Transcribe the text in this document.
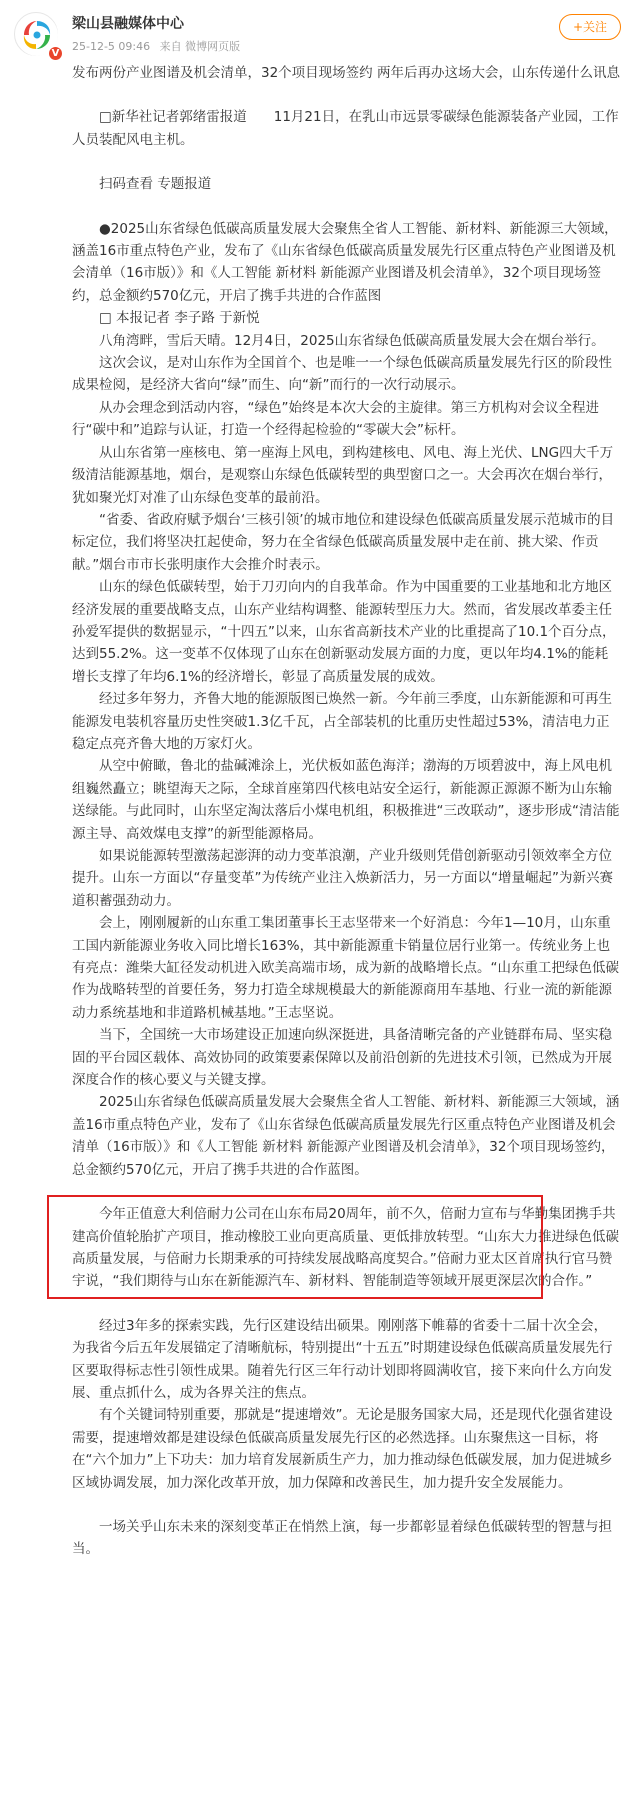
V
梁山县融媒体中心
25-12-5 09:46 来自 微博网页版
+关注

发布两份产业图谱及机会清单，32个项目现场签约 两年后再办这场大会，山东传递什么讯息

□新华社记者郭绪雷报道　　11月21日，在乳山市远景零碳绿色能源装备产业园，工作人员装配风电主机。

扫码查看 专题报道

●2025山东省绿色低碳高质量发展大会聚焦全省人工智能、新材料、新能源三大领域，涵盖16市重点特色产业，发布了《山东省绿色低碳高质量发展先行区重点特色产业图谱及机会清单（16市版）》和《人工智能 新材料 新能源产业图谱及机会清单》，32个项目现场签约，总金额约570亿元，开启了携手共进的合作蓝图

□ 本报记者 李子路 于新悦

八角湾畔，雪后天晴。12月4日，2025山东省绿色低碳高质量发展大会在烟台举行。

这次会议，是对山东作为全国首个、也是唯一一个绿色低碳高质量发展先行区的阶段性成果检阅，是经济大省向“绿”而生、向“新”而行的一次行动展示。

从办会理念到活动内容，“绿色”始终是本次大会的主旋律。第三方机构对会议全程进行“碳中和”追踪与认证，打造一个经得起检验的“零碳大会”标杆。

从山东省第一座核电、第一座海上风电，到构建核电、风电、海上光伏、LNG四大千万级清洁能源基地，烟台，是观察山东绿色低碳转型的典型窗口之一。大会再次在烟台举行，犹如聚光灯对准了山东绿色变革的最前沿。

“省委、省政府赋予烟台‘三核引领’的城市地位和建设绿色低碳高质量发展示范城市的目标定位，我们将坚决扛起使命，努力在全省绿色低碳高质量发展中走在前、挑大梁、作贡献。”烟台市市长张明康作大会推介时表示。

山东的绿色低碳转型，始于刀刃向内的自我革命。作为中国重要的工业基地和北方地区经济发展的重要战略支点，山东产业结构调整、能源转型压力大。然而，省发展改革委主任孙爱军提供的数据显示，“十四五”以来，山东省高新技术产业的比重提高了10.1个百分点，达到55.2%。这一变革不仅体现了山东在创新驱动发展方面的力度，更以年均4.1%的能耗增长支撑了年均6.1%的经济增长，彰显了高质量发展的成效。

经过多年努力，齐鲁大地的能源版图已焕然一新。今年前三季度，山东新能源和可再生能源发电装机容量历史性突破1.3亿千瓦，占全部装机的比重历史性超过53%，清洁电力正稳定点亮齐鲁大地的万家灯火。

从空中俯瞰，鲁北的盐碱滩涂上，光伏板如蓝色海洋；渤海的万顷碧波中，海上风电机组巍然矗立；眺望海天之际，全球首座第四代核电站安全运行，新能源正源源不断为山东输送绿能。与此同时，山东坚定淘汰落后小煤电机组，积极推进“三改联动”，逐步形成“清洁能源主导、高效煤电支撑”的新型能源格局。

如果说能源转型激荡起澎湃的动力变革浪潮，产业升级则凭借创新驱动引领效率全方位提升。山东一方面以“存量变革”为传统产业注入焕新活力，另一方面以“增量崛起”为新兴赛道积蓄强劲动力。

会上，刚刚履新的山东重工集团董事长王志坚带来一个好消息：今年1—10月，山东重工国内新能源业务收入同比增长163%，其中新能源重卡销量位居行业第一。传统业务上也有亮点：潍柴大缸径发动机进入欧美高端市场，成为新的战略增长点。“山东重工把绿色低碳作为战略转型的首要任务，努力打造全球规模最大的新能源商用车基地、行业一流的新能源动力系统基地和非道路机械基地。”王志坚说。

当下，全国统一大市场建设正加速向纵深挺进，具备清晰完备的产业链群布局、坚实稳固的平台园区载体、高效协同的政策要素保障以及前沿创新的先进技术引领，已然成为开展深度合作的核心要义与关键支撑。

2025山东省绿色低碳高质量发展大会聚焦全省人工智能、新材料、新能源三大领域，涵盖16市重点特色产业，发布了《山东省绿色低碳高质量发展先行区重点特色产业图谱及机会清单（16市版）》和《人工智能 新材料 新能源产业图谱及机会清单》，32个项目现场签约，总金额约570亿元，开启了携手共进的合作蓝图。

今年正值意大利倍耐力公司在山东布局20周年，前不久，倍耐力宣布与华勤集团携手共建高价值轮胎扩产项目，推动橡胶工业向更高质量、更低排放转型。“山东大力推进绿色低碳高质量发展，与倍耐力长期秉承的可持续发展战略高度契合。”倍耐力亚太区首席执行官马赞宇说，“我们期待与山东在新能源汽车、新材料、智能制造等领域开展更深层次的合作。”

经过3年多的探索实践，先行区建设结出硕果。刚刚落下帷幕的省委十二届十次全会，为我省今后五年发展锚定了清晰航标，特别提出“十五五”时期建设绿色低碳高质量发展先行区要取得标志性引领性成果。随着先行区三年行动计划即将圆满收官，接下来向什么方向发展、重点抓什么，成为各界关注的焦点。

有个关键词特别重要，那就是“提速增效”。无论是服务国家大局，还是现代化强省建设需要，提速增效都是建设绿色低碳高质量发展先行区的必然选择。山东聚焦这一目标，将在“六个加力”上下功夫：加力培育发展新质生产力，加力推动绿色低碳发展，加力促进城乡区域协调发展，加力深化改革开放，加力保障和改善民生，加力提升安全发展能力。

一场关乎山东未来的深刻变革正在悄然上演，每一步都彰显着绿色低碳转型的智慧与担当。
